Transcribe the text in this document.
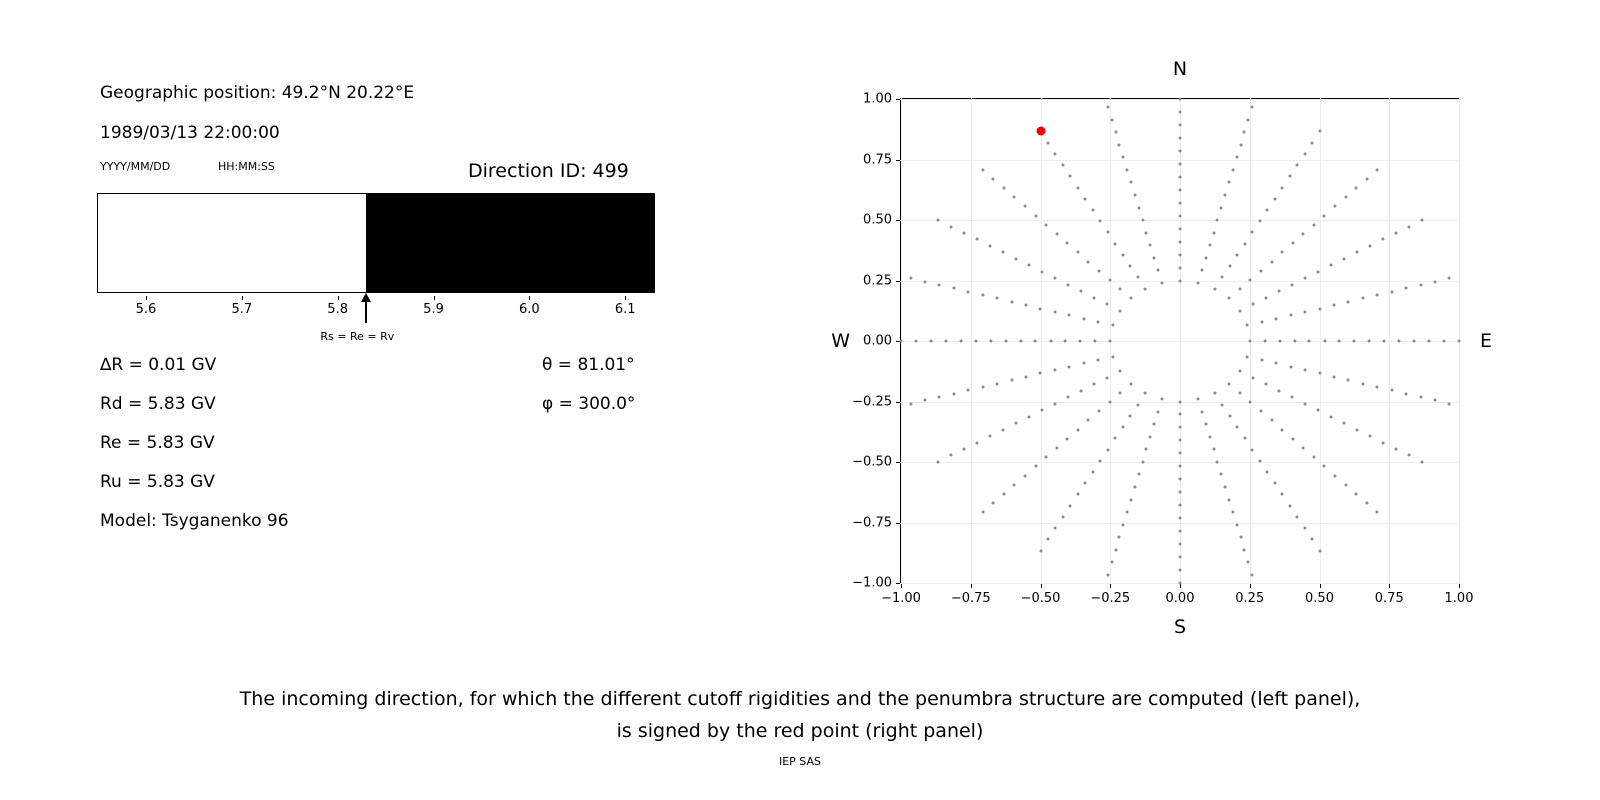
Geographic position: 49.2°N 20.22°E
1989/03/13 22:00:00
YYYY/MM/DD	HH:MM:SS	Direction ID: 499
5.6	5.7	5.8	5.9	6.0	6.1
Rs = Re = Rv
∆R = 0.01 GV
Rd = 5.83 GV
Re = 5.83 GV
Ru = 5.83 GV
Model: Tsyganenko 96
θ = 81.01°
φ = 300.0°
N
S
W	E
−1.00 −0.75 −0.50 −0.25	0.00	0.25	0.50	0.75	1.00
−1.00
−0.75
−0.50
−0.25
0.00
0.25
0.50
0.75
1.00
The incoming direction, for which the different cutoff rigidities and the penumbra structure are computed (left panel),
is signed by the red point (right panel)
IEP SAS
